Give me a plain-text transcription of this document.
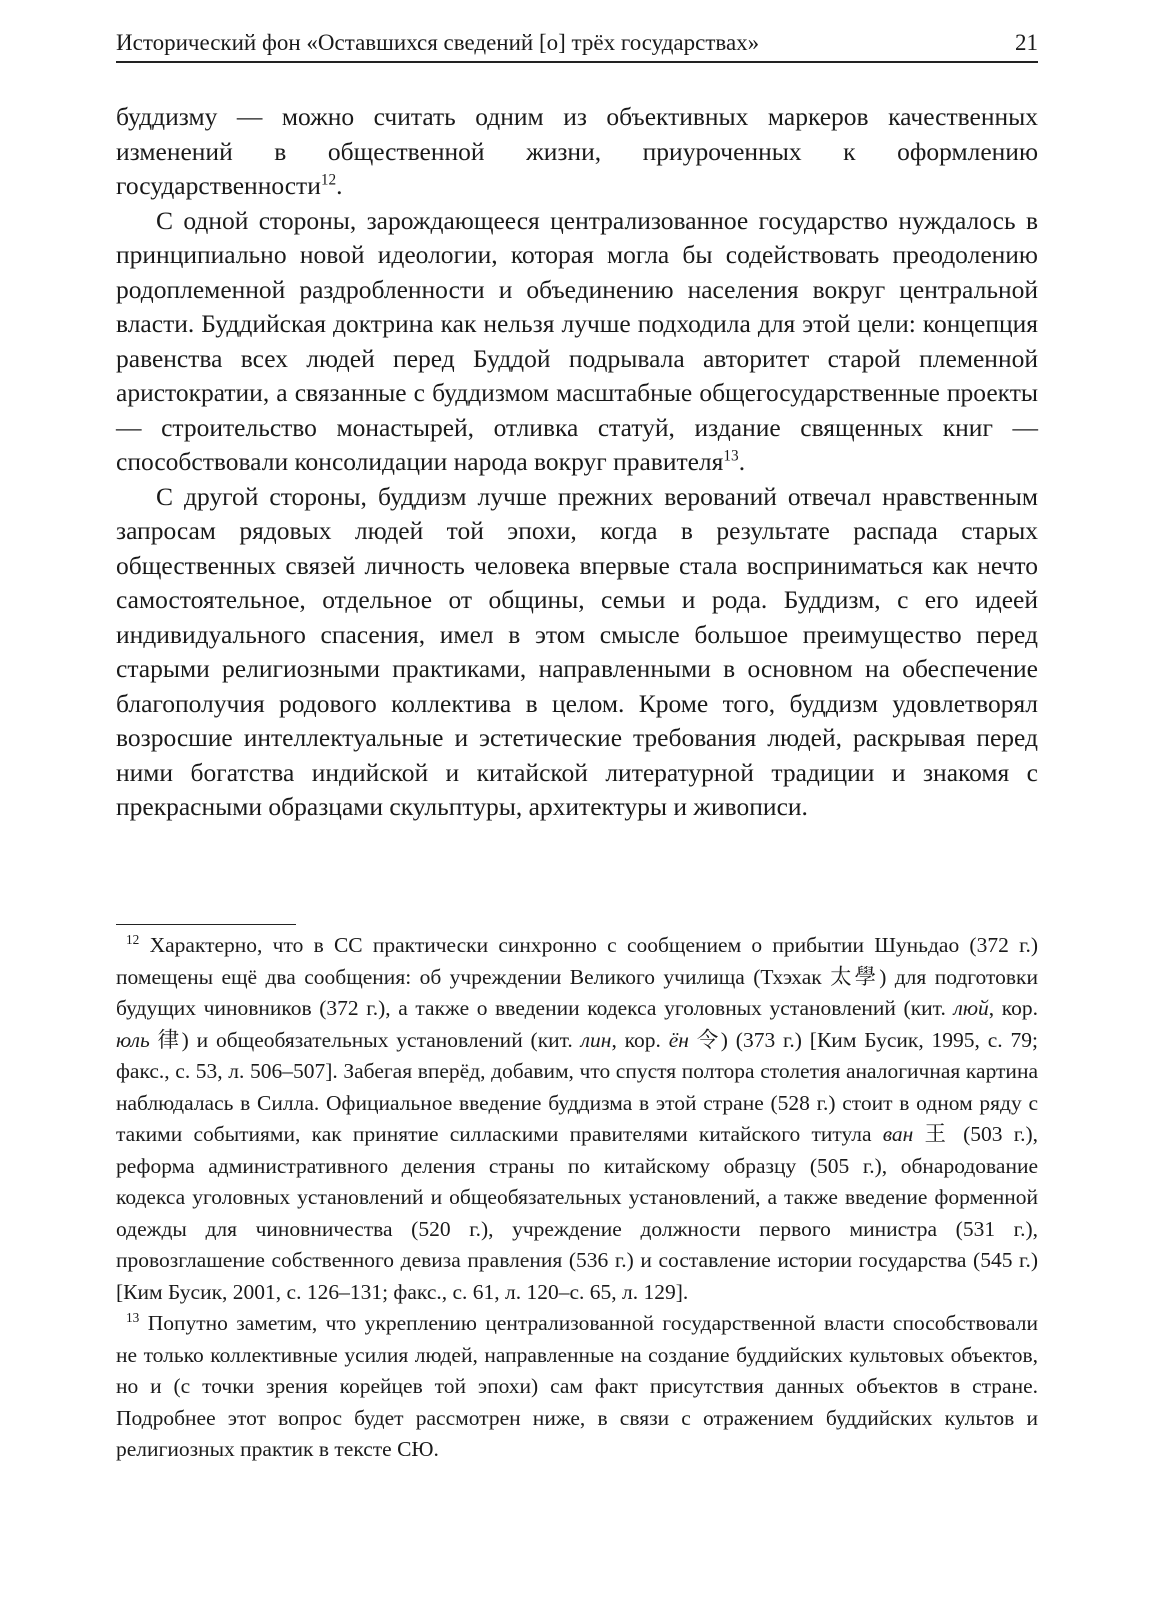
Исторический фон «Оставшихся сведений [о] трёх государствах»	21

буддизму — можно считать одним из объективных маркеров качественных изменений в общественной жизни, приуроченных к оформлению государственности$^{12}$.

С одной стороны, зарождающееся централизованное государство нуждалось в принципиально новой идеологии, которая могла бы содействовать преодолению родоплеменной раздробленности и объединению населения вокруг центральной власти. Буддийская доктрина как нельзя лучше подходила для этой цели: концепция равенства всех людей перед Буддой подрывала авторитет старой племенной аристократии, а связанные с буддизмом масштабные общегосударственные проекты — строительство монастырей, отливка статуй, издание священных книг — способствовали консолидации народа вокруг правителя$^{13}$.

С другой стороны, буддизм лучше прежних верований отвечал нравственным запросам рядовых людей той эпохи, когда в результате распада старых общественных связей личность человека впервые стала восприниматься как нечто самостоятельное, отдельное от общины, семьи и рода. Буддизм, с его идеей индивидуального спасения, имел в этом смысле большое преимущество перед старыми религиозными практиками, направленными в основном на обеспечение благополучия родового коллектива в целом. Кроме того, буддизм удовлетворял возросшие интеллектуальные и эстетические требования людей, раскрывая перед ними богатства индийской и китайской литературной традиции и знакомя с прекрасными образцами скульптуры, архитектуры и живописи.

$^{12}$ Характерно, что в СС практически синхронно с сообщением о прибытии Шуньдао (372 г.) помещены ещё два сообщения: об учреждении Великого училища (Тхэхак 太學) для подготовки будущих чиновников (372 г.), а также о введении кодекса уголовных установлений (кит. люй, кор. юль 律) и общеобязательных установлений (кит. лин, кор. ён 令) (373 г.) [Ким Бусик, 1995, с. 79; факс., с. 53, л. 506–507]. Забегая вперёд, добавим, что спустя полтора столетия аналогичная картина наблюдалась в Силла. Официальное введение буддизма в этой стране (528 г.) стоит в одном ряду с такими событиями, как принятие силласкими правителями китайского титула ван 王 (503 г.), реформа административного деления страны по китайскому образцу (505 г.), обнародование кодекса уголовных установлений и общеобязательных установлений, а также введение форменной одежды для чиновничества (520 г.), учреждение должности первого министра (531 г.), провозглашение собственного девиза правления (536 г.) и составление истории государства (545 г.) [Ким Бусик, 2001, с. 126–131; факс., с. 61, л. 120–с. 65, л. 129].

$^{13}$ Попутно заметим, что укреплению централизованной государственной власти способствовали не только коллективные усилия людей, направленные на создание буддийских культовых объектов, но и (с точки зрения корейцев той эпохи) сам факт присутствия данных объектов в стране. Подробнее этот вопрос будет рассмотрен ниже, в связи с отражением буддийских культов и религиозных практик в тексте СЮ.
